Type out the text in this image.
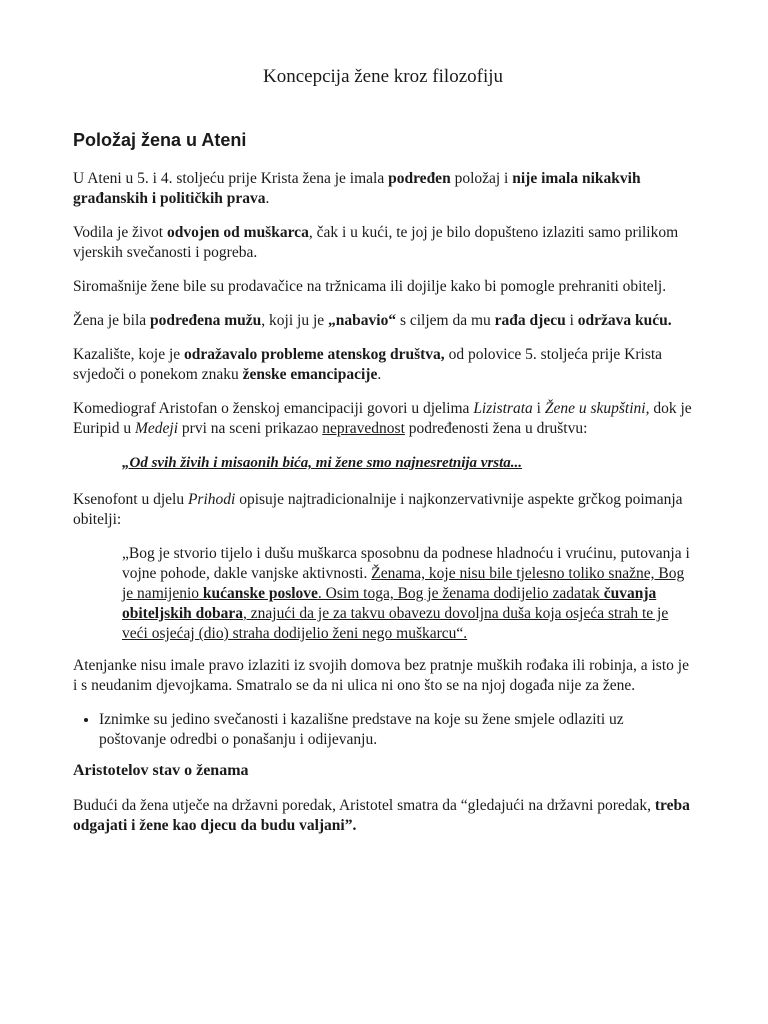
Koncepcija žene kroz filozofiju
Položaj žena u Ateni

U Ateni u 5. i 4. stoljeću prije Krista žena je imala podređen položaj i nije imala nikakvih građanskih i političkih prava.

Vodila je život odvojen od muškarca, čak i u kući, te joj je bilo dopušteno izlaziti samo prilikom vjerskih svečanosti i pogreba.

Siromašnije žene bile su prodavačice na tržnicama ili dojilje kako bi pomogle prehraniti obitelj.

Žena je bila podređena mužu, koji ju je „nabavio“ s ciljem da mu rađa djecu i održava kuću.

Kazalište, koje je odražavalo probleme atenskog društva, od polovice 5. stoljeća prije Krista svjedoči o ponekom znaku ženske emancipacije.

Komediograf Aristofan o ženskoj emancipaciji govori u djelima Lizistrata i Žene u skupštini, dok je Euripid u Medeji prvi na sceni prikazao nepravednost podređenosti žena u društvu:

„Od svih živih i misaonih bića, mi žene smo najnesretnija vrsta...

Ksenofont u djelu Prihodi opisuje najtradicionalnije i najkonzervativnije aspekte grčkog poimanja obitelji:

„Bog je stvorio tijelo i dušu muškarca sposobnu da podnese hladnoću i vrućinu, putovanja i vojne pohode, dakle vanjske aktivnosti. Ženama, koje nisu bile tjelesno toliko snažne, Bog je namijenio kućanske poslove. Osim toga, Bog je ženama dodijelio zadatak čuvanja obiteljskih dobara, znajući da je za takvu obavezu dovoljna duša koja osjeća strah te je veći osjećaj (dio) straha dodijelio ženi nego muškarcu“.

Atenjanke nisu imale pravo izlaziti iz svojih domova bez pratnje muških rođaka ili robinja, a isto je i s neudanim djevojkama. Smatralo se da ni ulica ni ono što se na njoj događa nije za žene.

• Iznimke su jedino svečanosti i kazališne predstave na koje su žene smjele odlaziti uz poštovanje odredbi o ponašanju i odijevanju.
Aristotelov stav o ženama

Budući da žena utječe na državni poredak, Aristotel smatra da “gledajući na državni poredak, treba odgajati i žene kao djecu da budu valjani”.
